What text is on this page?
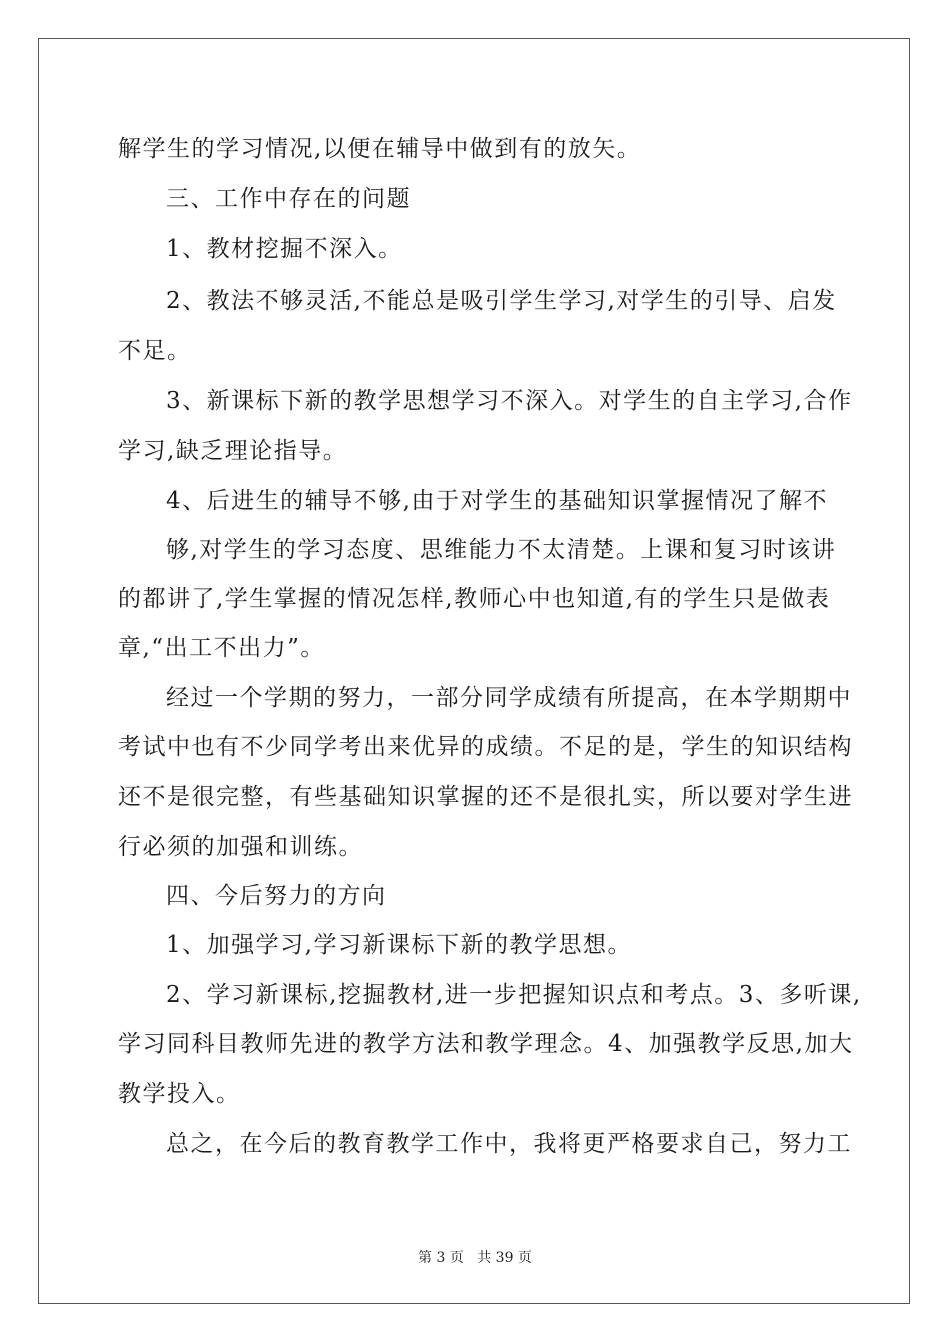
解学生的学习情况,以便在辅导中做到有的放矢。
三、工作中存在的问题
1、教材挖掘不深入。
2、教法不够灵活,不能总是吸引学生学习,对学生的引导、启发
不足。
3、新课标下新的教学思想学习不深入。对学生的自主学习,合作
学习,缺乏理论指导。
4、后进生的辅导不够,由于对学生的基础知识掌握情况了解不
够,对学生的学习态度、思维能力不太清楚。上课和复习时该讲
的都讲了,学生掌握的情况怎样,教师心中也知道,有的学生只是做表
章,“出工不出力”。
经过一个学期的努力，一部分同学成绩有所提高，在本学期期中
考试中也有不少同学考出来优异的成绩。不足的是，学生的知识结构
还不是很完整，有些基础知识掌握的还不是很扎实，所以要对学生进
行必须的加强和训练。
四、今后努力的方向
1、加强学习,学习新课标下新的教学思想。
2、学习新课标,挖掘教材,进一步把握知识点和考点。3、多听课,
学习同科目教师先进的教学方法和教学理念。4、加强教学反思,加大
教学投入。
总之，在今后的教育教学工作中，我将更严格要求自己，努力工
第 3 页 共 39 页
